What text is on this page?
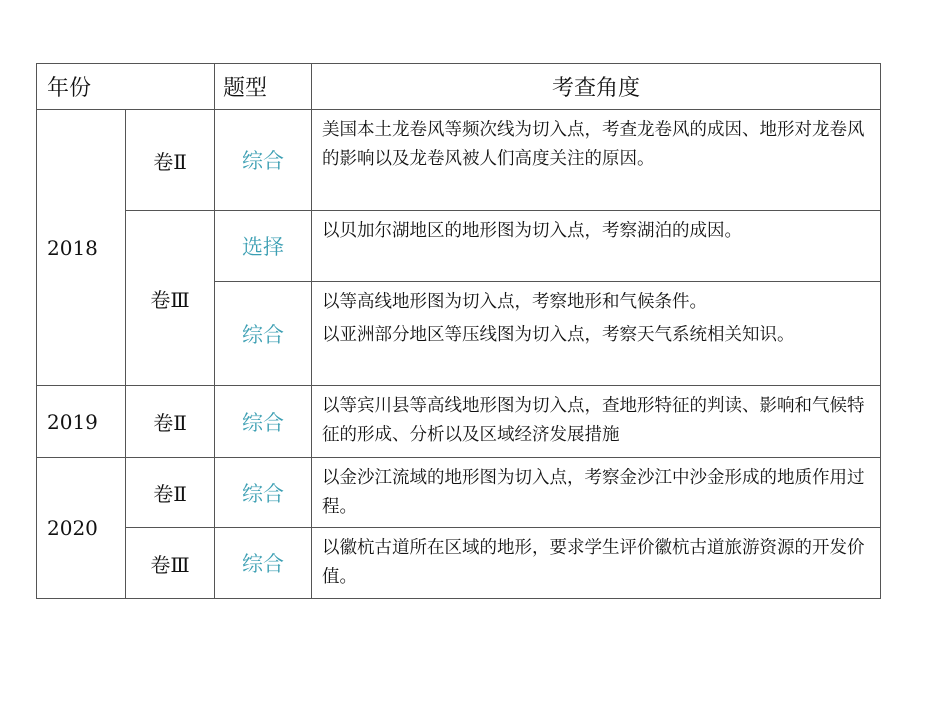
年份		题型	考查角度
2018	卷Ⅱ	综合	美国本土龙卷风等频次线为切入点，考查龙卷风的成因、地形对龙卷风的影响以及龙卷风被人们高度关注的原因。

	卷Ⅲ	选择	以贝加尔湖地区的地形图为切入点，考察湖泊的成因。

		综合	以等高线地形图为切入点，考察地形和气候条件。

以亚洲部分地区等压线图为切入点，考察天气系统相关知识。

2019	卷Ⅱ	综合	以等宾川县等高线地形图为切入点，查地形特征的判读、影响和气候特征的形成、分析以及区域经济发展措施

2020	卷Ⅱ	综合	以金沙江流域的地形图为切入点，考察金沙江中沙金形成的地质作用过程。

	卷Ⅲ	综合	以徽杭古道所在区域的地形，要求学生评价徽杭古道旅游资源的开发价值。
